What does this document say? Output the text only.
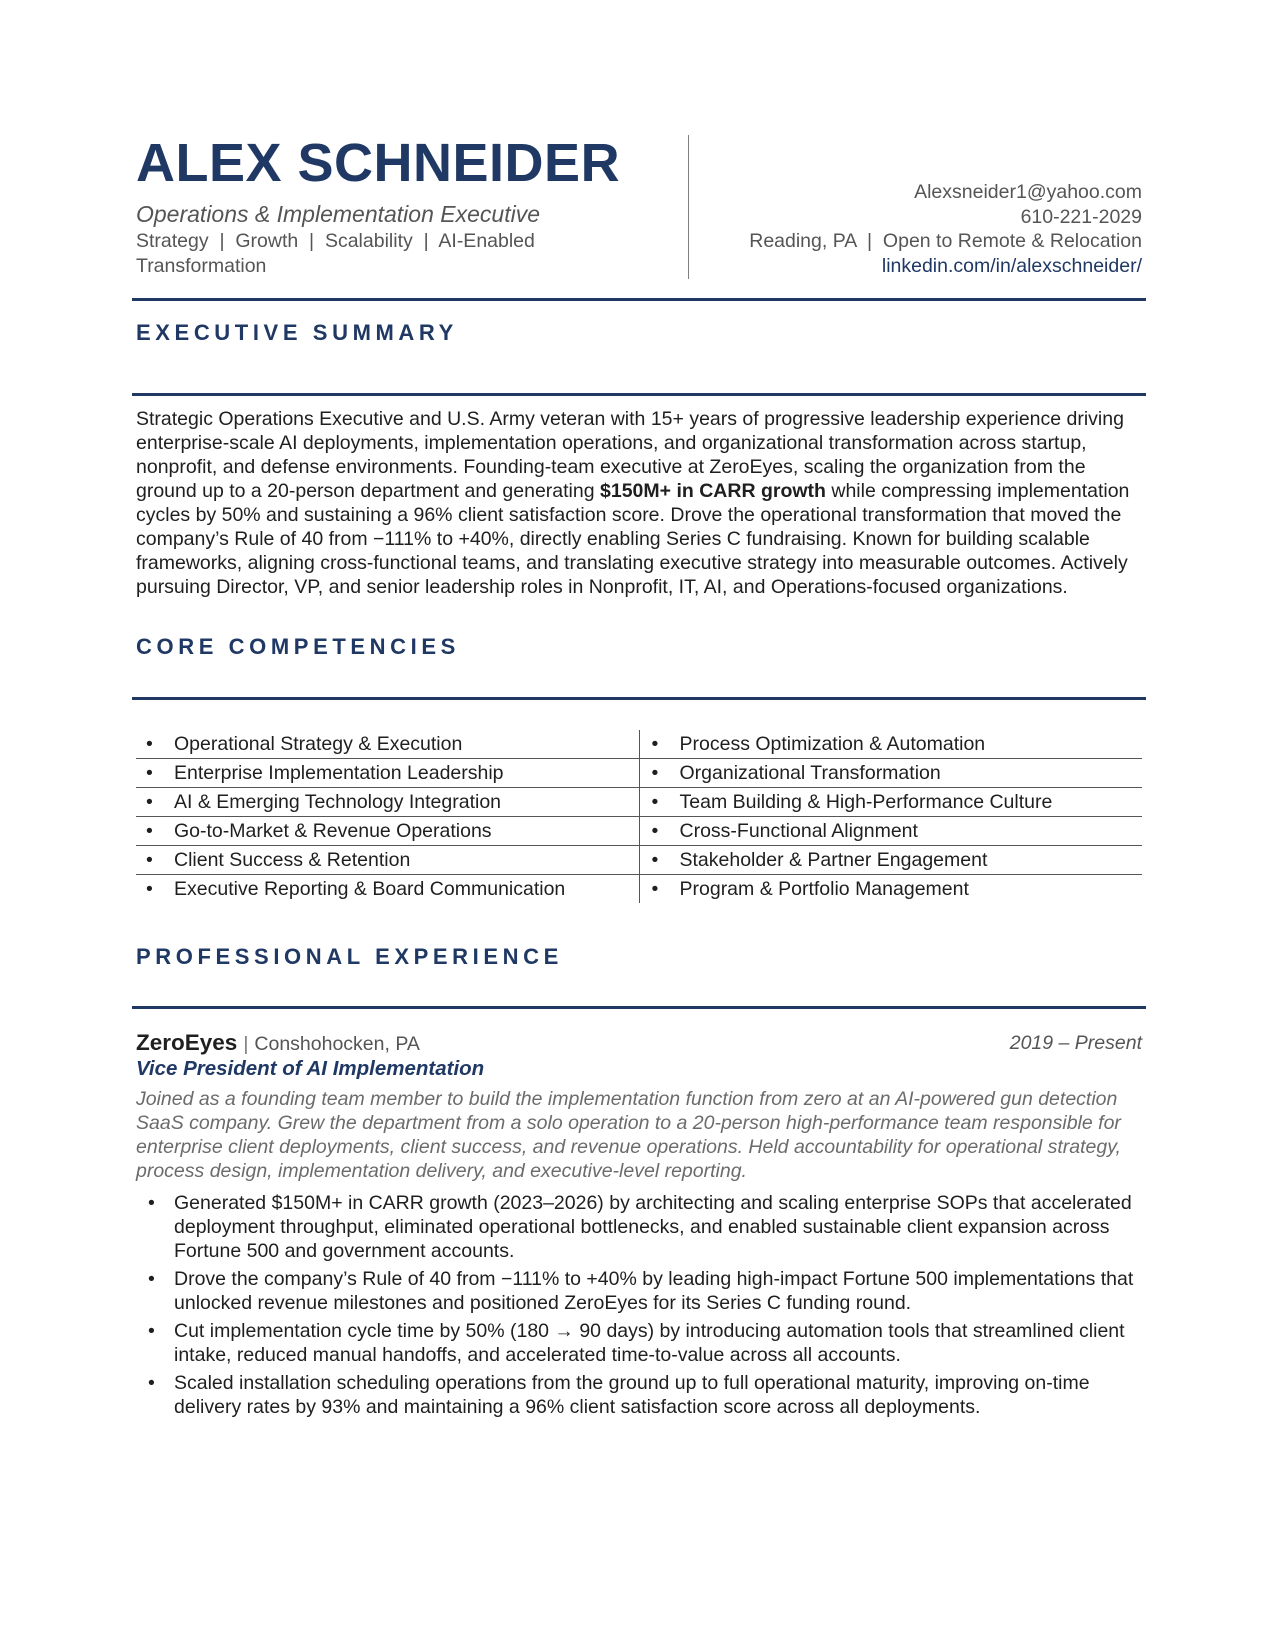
ALEX SCHNEIDER
Operations & Implementation Executive
Strategy  |  Growth  |  Scalability  |  AI-Enabled
Transformation
Alexsneider1@yahoo.com
610-221-2029
Reading, PA  |  Open to Remote & Relocation
linkedin.com/in/alexschneider/
EXECUTIVE SUMMARY
Strategic Operations Executive and U.S. Army veteran with 15+ years of progressive leadership experience driving enterprise-scale AI deployments, implementation operations, and organizational transformation across startup, nonprofit, and defense environments. Founding-team executive at ZeroEyes, scaling the organization from the ground up to a 20-person department and generating $150M+ in CARR growth while compressing implementation cycles by 50% and sustaining a 96% client satisfaction score. Drove the operational transformation that moved the company’s Rule of 40 from −111% to +40%, directly enabling Series C fundraising. Known for building scalable frameworks, aligning cross-functional teams, and translating executive strategy into measurable outcomes. Actively pursuing Director, VP, and senior leadership roles in Nonprofit, IT, AI, and Operations-focused organizations.
CORE COMPETENCIES
• Operational Strategy & Execution	• Process Optimization & Automation
• Enterprise Implementation Leadership	• Organizational Transformation
• AI & Emerging Technology Integration	• Team Building & High-Performance Culture
• Go-to-Market & Revenue Operations	• Cross-Functional Alignment
• Client Success & Retention	• Stakeholder & Partner Engagement
• Executive Reporting & Board Communication	• Program & Portfolio Management
PROFESSIONAL EXPERIENCE
ZeroEyes | Conshohocken, PA	2019 – Present
Vice President of AI Implementation
Joined as a founding team member to build the implementation function from zero at an AI-powered gun detection SaaS company. Grew the department from a solo operation to a 20-person high-performance team responsible for enterprise client deployments, client success, and revenue operations. Held accountability for operational strategy, process design, implementation delivery, and executive-level reporting.
• Generated $150M+ in CARR growth (2023–2026) by architecting and scaling enterprise SOPs that accelerated deployment throughput, eliminated operational bottlenecks, and enabled sustainable client expansion across Fortune 500 and government accounts.
• Drove the company’s Rule of 40 from −111% to +40% by leading high-impact Fortune 500 implementations that unlocked revenue milestones and positioned ZeroEyes for its Series C funding round.
• Cut implementation cycle time by 50% (180 → 90 days) by introducing automation tools that streamlined client intake, reduced manual handoffs, and accelerated time-to-value across all accounts.
• Scaled installation scheduling operations from the ground up to full operational maturity, improving on-time delivery rates by 93% and maintaining a 96% client satisfaction score across all deployments.
